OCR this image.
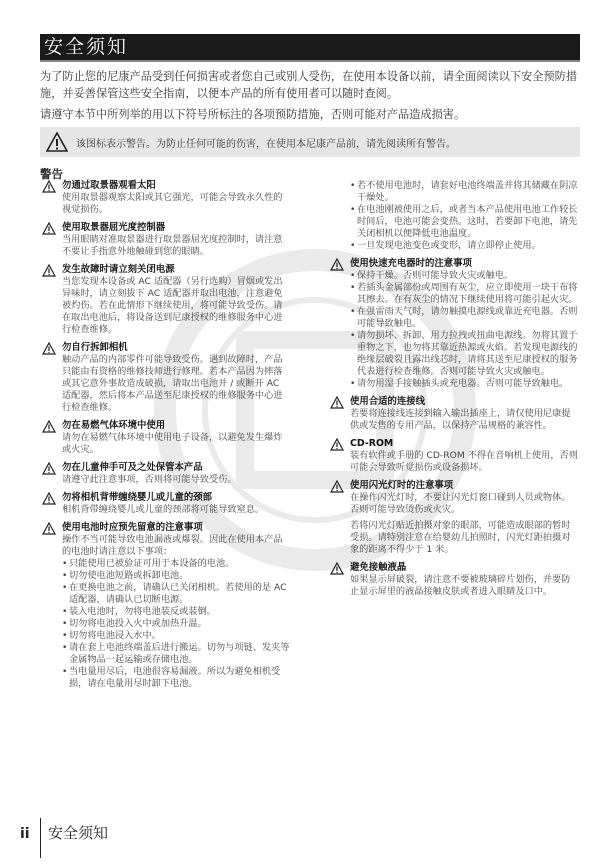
安全须知
为了防止您的尼康产品受到任何损害或者您自己或别人受伤，在使用本设备以前，请全面阅读以下安全预防措施，并妥善保管这些安全指南，以便本产品的所有使用者可以随时查阅。
请遵守本节中所列举的用以下符号所标注的各项预防措施，否则可能对产品造成损害。
该图标表示警告。为防止任何可能的伤害，在使用本尼康产品前，请先阅读所有警告。
警告
勿通过取景器观看太阳

使用取景器观察太阳或其它强光，可能会导致永久性的视觉损伤。

使用取景器屈光度控制器

当用眼睛对准取景器进行取景器屈光度控制时，请注意不要让手指意外地触碰到您的眼睛。

发生故障时请立刻关闭电源

当您发现本设备或 AC 适配器（另行选购）冒烟或发出异味时，请立刻拔下 AC 适配器并取出电池，注意避免被灼伤。若在此情形下继续使用，将可能导致受伤。请在取出电池后，将设备送到尼康授权的维修服务中心进行检查维修。

勿自行拆卸相机

触动产品的内部零件可能导致受伤。遇到故障时，产品只能由有资格的维修技师进行修理。若本产品因为摔落或其它意外事故造成破损，请取出电池并 / 或断开 AC 适配器，然后将本产品送至尼康授权的维修服务中心进行检查维修。

勿在易燃气体环境中使用

请勿在易燃气体环境中使用电子设备，以避免发生爆炸或火灾。

勿在儿童伸手可及之处保管本产品

请遵守此注意事项，否则将可能导致受伤。

勿将相机背带缠绕婴儿或儿童的颈部

相机背带缠绕婴儿或儿童的颈部将可能导致窒息。

使用电池时应预先留意的注意事项

操作不当可能导致电池漏液或爆裂。因此在使用本产品的电池时请注意以下事项：

• 只能使用已被验证可用于本设备的电池。
• 切勿使电池短路或拆卸电池。
• 在更换电池之前，请确认已关闭相机。若使用的是 AC 适配器，请确认已切断电源。
• 装入电池时，勿将电池装反或装倒。
• 切勿将电池投入火中或加热升温。
• 切勿将电池浸入水中。
• 请在套上电池终端盖后进行搬运。切勿与项链、发夹等金属物品一起运输或存储电池。
• 当电量用尽后，电池很容易漏液。所以为避免相机受损，请在电量用尽时卸下电池。
• 若不使用电池时，请套好电池终端盖并将其储藏在阴凉干燥处。
• 在电池刚被使用之后，或者当本产品使用电池工作较长时间后，电池可能会变热。这时，若要卸下电池，请先关闭相机以便降低电池温度。
• 一旦发现电池变色或变形，请立即停止使用。
使用快速充电器时的注意事项
• 保持干燥。否则可能导致火灾或触电。
• 若插头金属部份或周围有灰尘，应立即使用一块干布将其擦去。在有灰尘的情况下继续使用将可能引起火灾。
• 在强雷雨天气时，请勿触摸电源线或靠近充电器。否则可能导致触电。
• 请勿损坏、拆卸、用力拉拽或扭曲电源线。勿将其置于重物之下，也勿将其靠近热源或火焰。若发现电源线的绝缘层破裂且露出线芯时，请将其送至尼康授权的服务代表进行检查维修。否则可能导致火灾或触电。
• 请勿用湿手接触插头或充电器。否则可能导致触电。
使用合适的连接线

若要将连接线连接到输入输出插座上，请仅使用尼康提供或发售的专用产品，以保持产品规格的兼容性。

CD-ROM

装有软件或手册的 CD-ROM 不得在音响机上使用，否则可能会导致听觉损伤或设备损坏。

使用闪光灯时的注意事项

在操作闪光灯时，不要让闪光灯窗口碰到人员或物体。否则可能导致烫伤或火灾。

若将闪光灯贴近拍摄对象的眼部，可能造成眼部的暂时受损。请特别注意在给婴幼儿拍照时，闪光灯距拍摄对象的距离不得少于 1 米。

避免接触液晶

如果显示屏破裂，请注意不要被玻璃碎片划伤，并要防止显示屏里的液晶接触皮肤或者进入眼睛及口中。

ii 安全须知
